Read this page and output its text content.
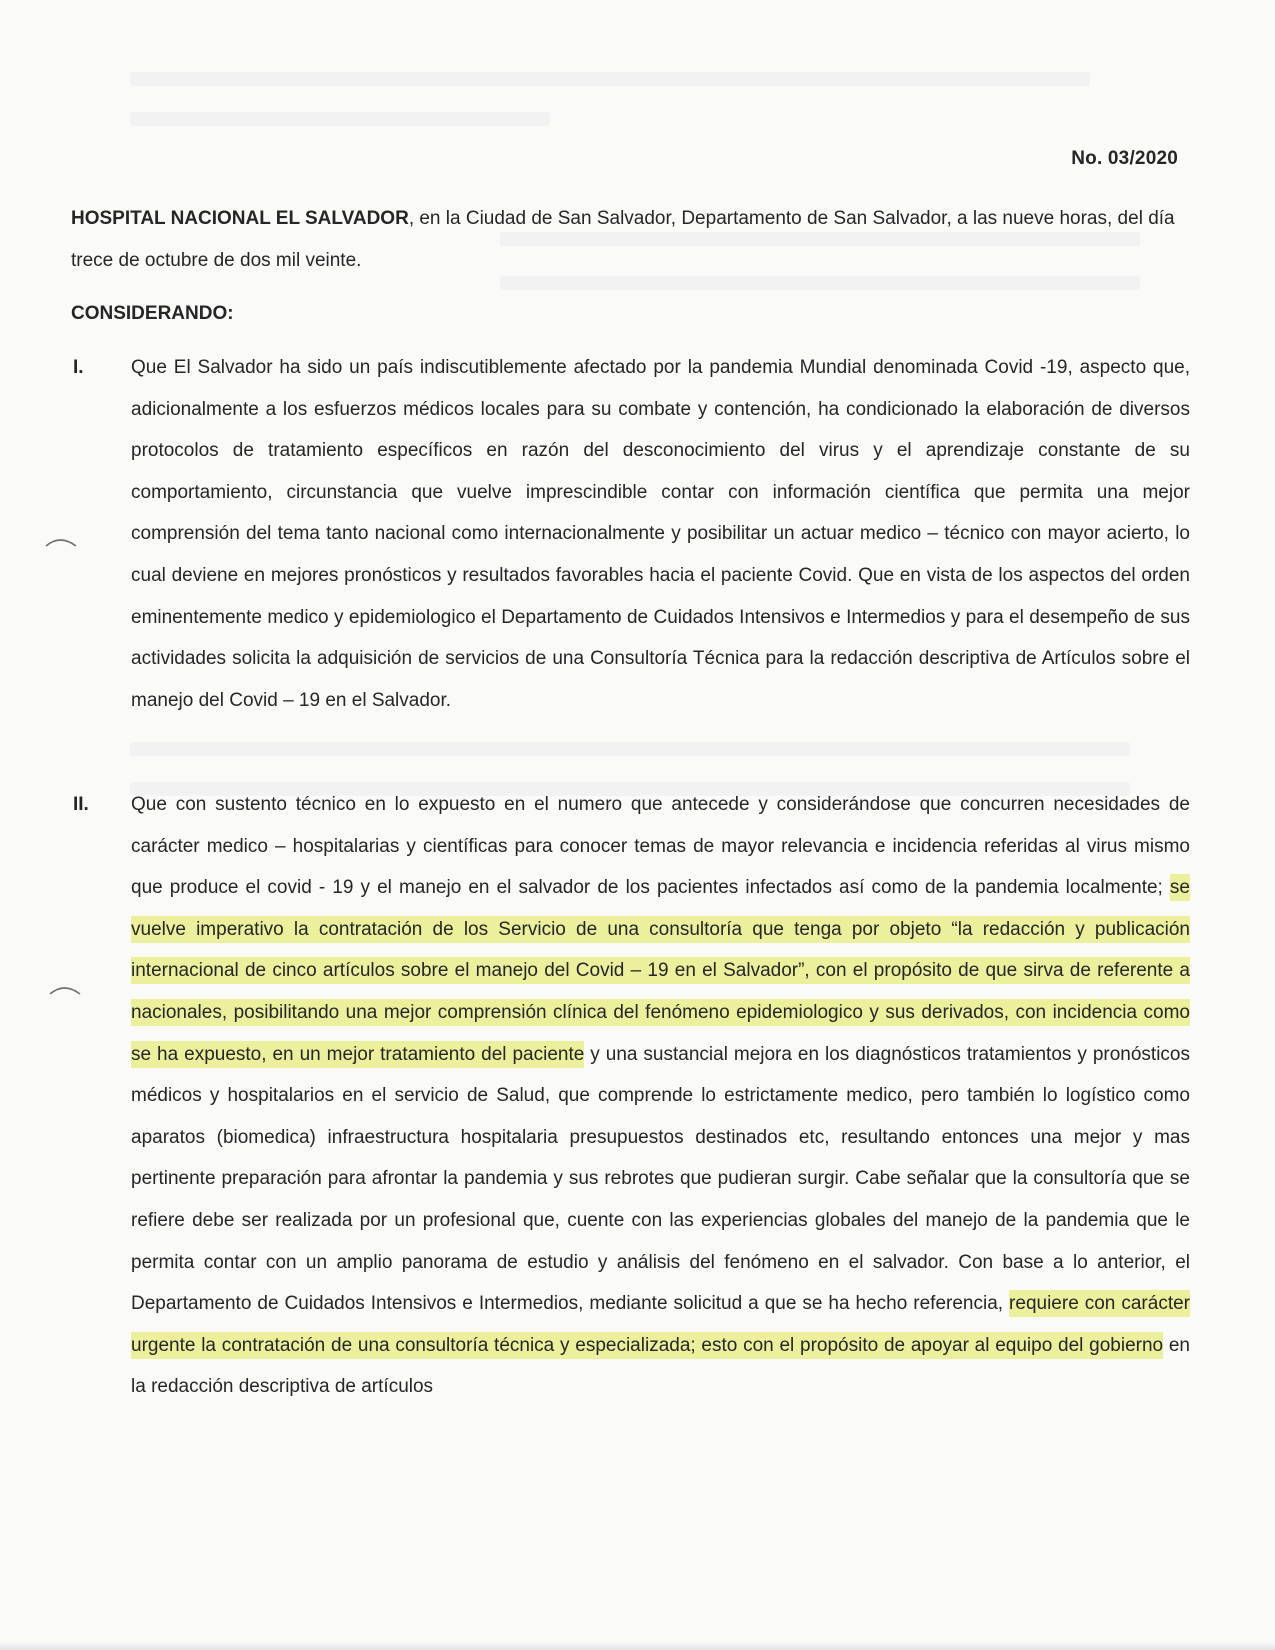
No. 03/2020

HOSPITAL NACIONAL EL SALVADOR, en la Ciudad de San Salvador, Departamento de San Salvador, a las nueve horas, del día trece de octubre de dos mil veinte.

CONSIDERANDO:

I. Que El Salvador ha sido un país indiscutiblemente afectado por la pandemia Mundial denominada Covid -19, aspecto que, adicionalmente a los esfuerzos médicos locales para su combate y contención, ha condicionado la elaboración de diversos protocolos de tratamiento específicos en razón del desconocimiento del virus y el aprendizaje constante de su comportamiento, circunstancia que vuelve imprescindible contar con información científica que permita una mejor comprensión del tema tanto nacional como internacionalmente y posibilitar un actuar medico – técnico con mayor acierto, lo cual deviene en mejores pronósticos y resultados favorables hacia el paciente Covid. Que en vista de los aspectos del orden eminentemente medico y epidemiologico el Departamento de Cuidados Intensivos e Intermedios y para el desempeño de sus actividades solicita la adquisición de servicios de una Consultoría Técnica para la redacción descriptiva de Artículos sobre el manejo del Covid – 19 en el Salvador.

II. Que con sustento técnico en lo expuesto en el numero que antecede y considerándose que concurren necesidades de carácter medico – hospitalarias y científicas para conocer temas de mayor relevancia e incidencia referidas al virus mismo que produce el covid - 19 y el manejo en el salvador de los pacientes infectados así como de la pandemia localmente; se vuelve imperativo la contratación de los Servicio de una consultoría que tenga por objeto “la redacción y publicación internacional de cinco artículos sobre el manejo del Covid – 19 en el Salvador”, con el propósito de que sirva de referente a nacionales, posibilitando una mejor comprensión clínica del fenómeno epidemiologico y sus derivados, con incidencia como se ha expuesto, en un mejor tratamiento del paciente y una sustancial mejora en los diagnósticos tratamientos y pronósticos médicos y hospitalarios en el servicio de Salud, que comprende lo estrictamente medico, pero también lo logístico como aparatos (biomedica) infraestructura hospitalaria presupuestos destinados etc, resultando entonces una mejor y mas pertinente preparación para afrontar la pandemia y sus rebrotes que pudieran surgir. Cabe señalar que la consultoría que se refiere debe ser realizada por un profesional que, cuente con las experiencias globales del manejo de la pandemia que le permita contar con un amplio panorama de estudio y análisis del fenómeno en el salvador. Con base a lo anterior, el Departamento de Cuidados Intensivos e Intermedios, mediante solicitud a que se ha hecho referencia, requiere con carácter urgente la contratación de una consultoría técnica y especializada; esto con el propósito de apoyar al equipo del gobierno en la redacción descriptiva de artículos
